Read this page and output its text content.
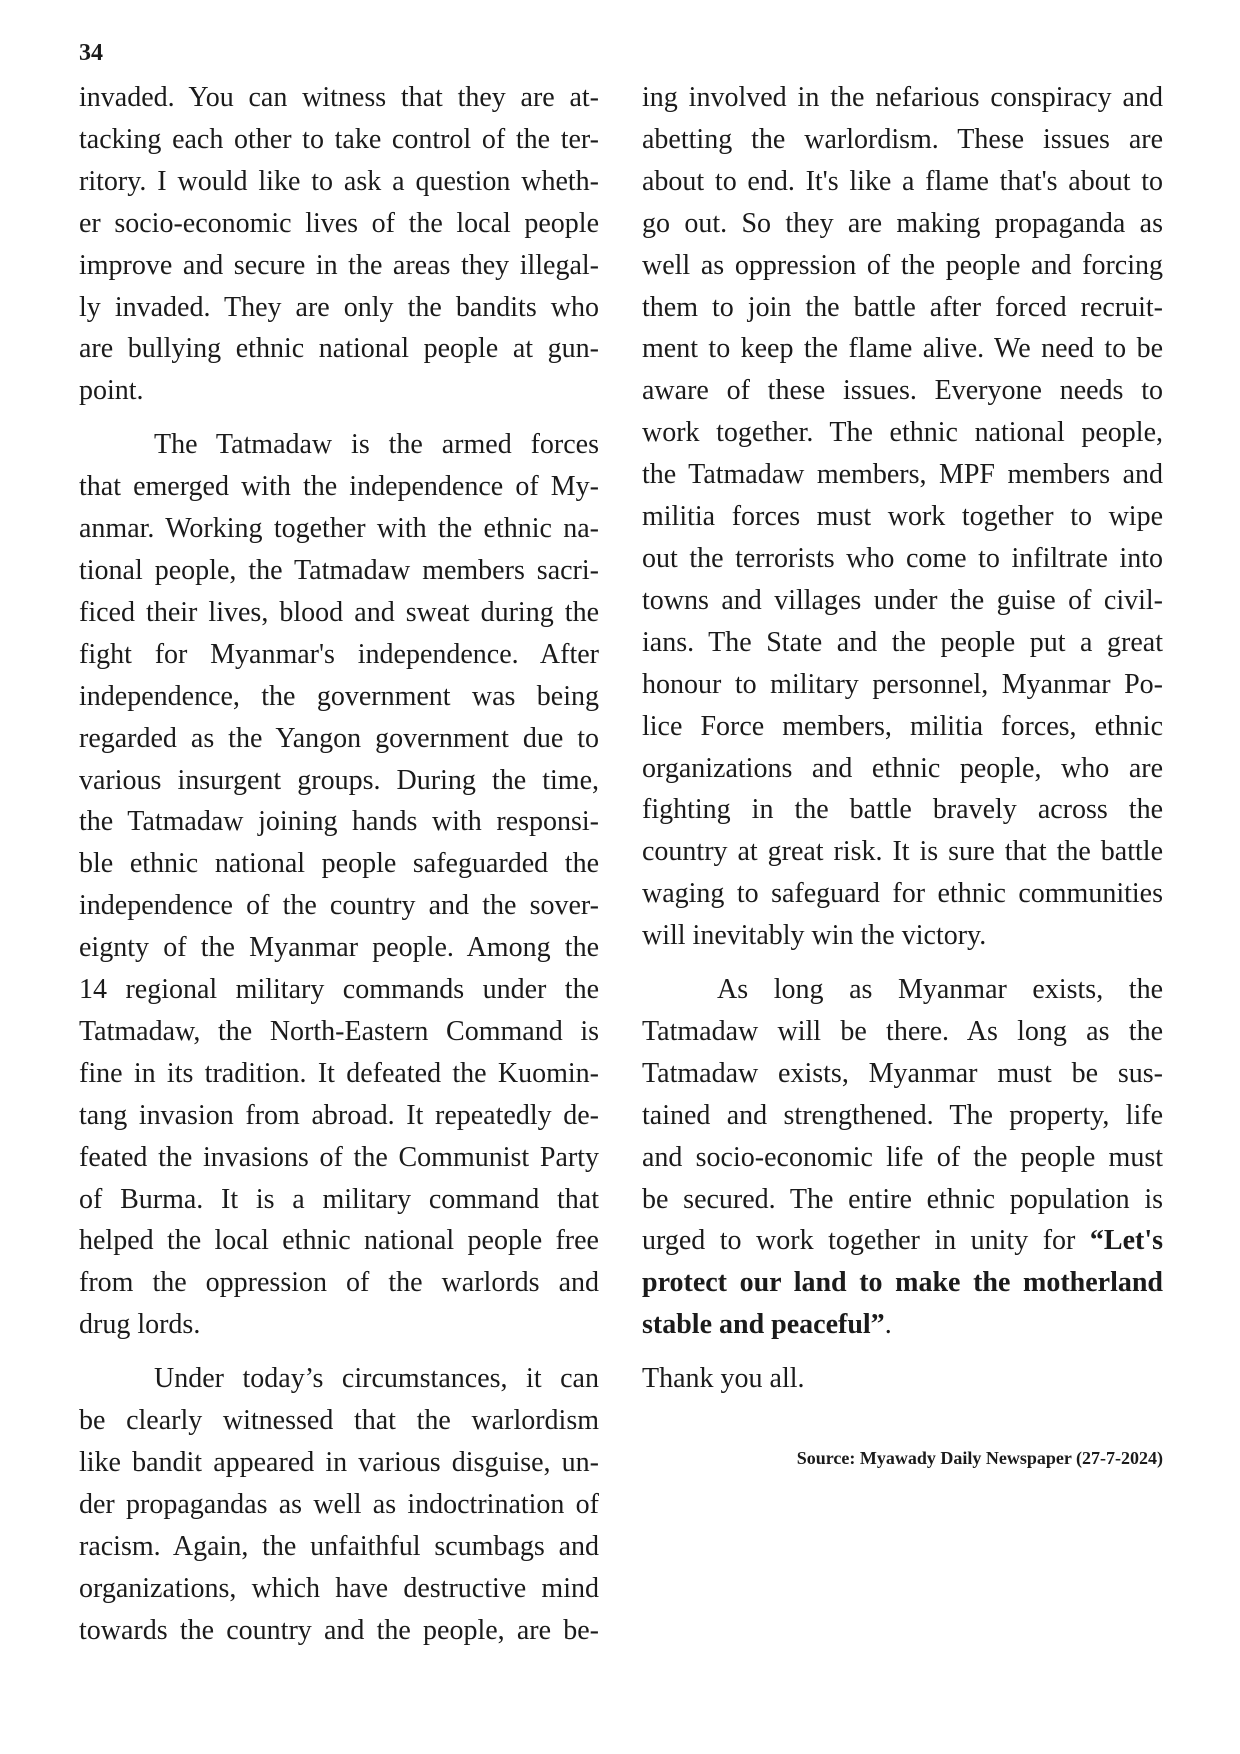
34
invaded. You can witness that they are at-
tacking each other to take control of the ter-
ritory. I would like to ask a question wheth-
er socio-economic lives of the local people
improve and secure in the areas they illegal-
ly invaded. They are only the bandits who
are bullying ethnic national people at gun-
point.
The Tatmadaw is the armed forces
that emerged with the independence of My-
anmar. Working together with the ethnic na-
tional people, the Tatmadaw members sacri-
ficed their lives, blood and sweat during the
fight for Myanmar's independence. After
independence, the government was being
regarded as the Yangon government due to
various insurgent groups. During the time,
the Tatmadaw joining hands with responsi-
ble ethnic national people safeguarded the
independence of the country and the sover-
eignty of the Myanmar people. Among the
14 regional military commands under the
Tatmadaw, the North-Eastern Command is
fine in its tradition. It defeated the Kuomin-
tang invasion from abroad. It repeatedly de-
feated the invasions of the Communist Party
of Burma. It is a military command that
helped the local ethnic national people free
from the oppression of the warlords and
drug lords.
Under today’s circumstances, it can
be clearly witnessed that the warlordism
like bandit appeared in various disguise, un-
der propagandas as well as indoctrination of
racism. Again, the unfaithful scumbags and
organizations, which have destructive mind
towards the country and the people, are be-
ing involved in the nefarious conspiracy and
abetting the warlordism. These issues are
about to end. It's like a flame that's about to
go out. So they are making propaganda as
well as oppression of the people and forcing
them to join the battle after forced recruit-
ment to keep the flame alive. We need to be
aware of these issues. Everyone needs to
work together. The ethnic national people,
the Tatmadaw members, MPF members and
militia forces must work together to wipe
out the terrorists who come to infiltrate into
towns and villages under the guise of civil-
ians. The State and the people put a great
honour to military personnel, Myanmar Po-
lice Force members, militia forces, ethnic
organizations and ethnic people, who are
fighting in the battle bravely across the
country at great risk. It is sure that the battle
waging to safeguard for ethnic communities
will inevitably win the victory.
As long as Myanmar exists, the
Tatmadaw will be there. As long as the
Tatmadaw exists, Myanmar must be sus-
tained and strengthened. The property, life
and socio-economic life of the people must
be secured. The entire ethnic population is
urged to work together in unity for “Let's
protect our land to make the motherland
stable and peaceful”.
Thank you all.
Source: Myawady Daily Newspaper (27-7-2024)
